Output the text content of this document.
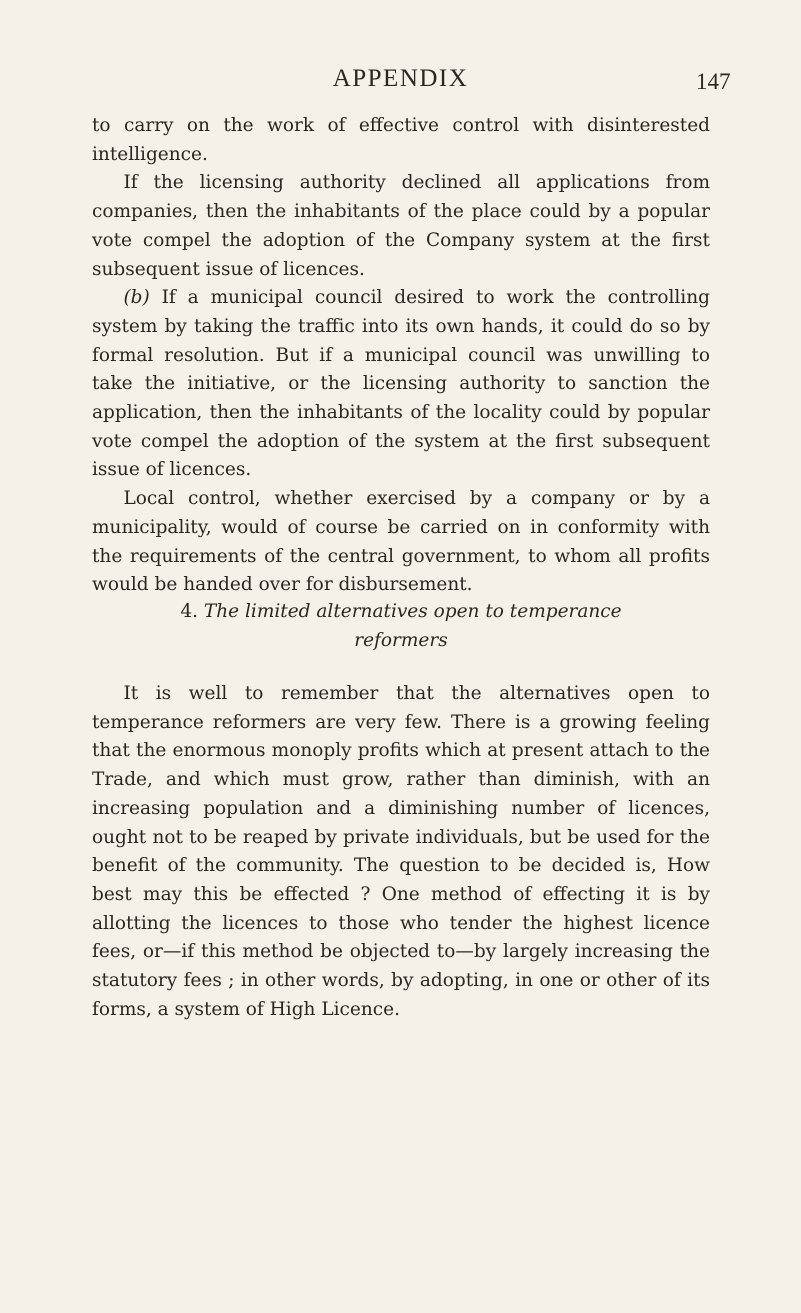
APPENDIX	147

to carry on the work of effective control with disinterested intelligence.

If the licensing authority declined all applications from companies, then the inhabitants of the place could by a popular vote compel the adoption of the Company system at the first subsequent issue of licences.

(b) If a municipal council desired to work the controlling system by taking the traffic into its own hands, it could do so by formal resolution. But if a municipal council was unwilling to take the initiative, or the licensing authority to sanction the application, then the inhabitants of the locality could by popular vote compel the adoption of the system at the first subsequent issue of licences.

Local control, whether exercised by a company or by a municipality, would of course be carried on in conformity with the requirements of the central government, to whom all profits would be handed over for disbursement.

4. The limited alternatives open to temperance
reformers

It is well to remember that the alternatives open to temperance reformers are very few. There is a growing feeling that the enormous monoply profits which at present attach to the Trade, and which must grow, rather than diminish, with an increasing population and a diminishing number of licences, ought not to be reaped by private individuals, but be used for the benefit of the community. The question to be decided is, How best may this be effected ? One method of effecting it is by allotting the licences to those who tender the highest licence fees, or—if this method be objected to—by largely increasing the statutory fees ; in other words, by adopting, in one or other of its forms, a system of High Licence.
